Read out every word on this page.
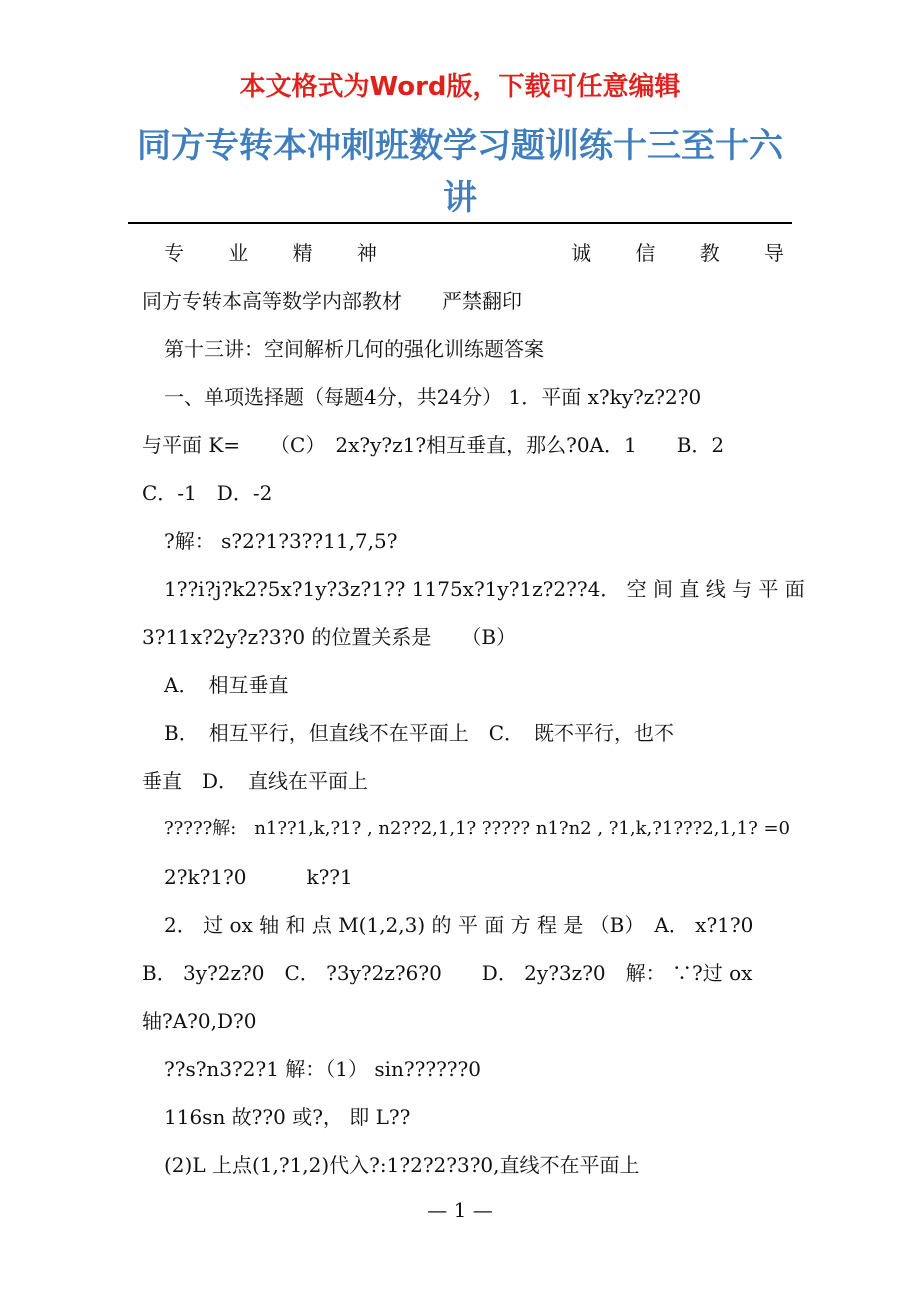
本文格式为Word版，下载可任意编辑
同方专转本冲刺班数学习题训练十三至十六讲
专 业 精 神	诚 信 教 导
同方专转本高等数学内部教材　　严禁翻印
第十三讲：空间解析几何的强化训练题答案
一、单项选择题（每题4分，共24分） 1．平面 x?ky?z?2?0
与平面 K=　　（C）　2x?y?z1?相互垂直，那么?0A．1　　B．2
C．-1　D．-2
?解： s?2?1?3??11,7,5?
1??i?j?k2?5x?1y?3z?1?? 1175x?1y?1z?2??4． 空 间 直 线 与 平 面
3?11x?2y?z?3?0 的位置关系是　　（B）
A．　相互垂直
B．　相互平行，但直线不在平面上　C．　既不平行，也不
垂直　D．　直线在平面上
?????解:　n1??1,k,?1? , n2??2,1,1? ????? n1?n2 , ?1,k,?1???2,1,1? =0
2?k?1?0　　　k??1
2． 过 ox 轴 和 点 M(1,2,3) 的 平 面 方 程 是 （B）　A． x?1?0
B． 3y?2z?0　C． ?3y?2z?6?0　　D． 2y?3z?0　解： ∵?过 ox
轴?A?0,D?0
??s?n3?2?1 解：（1） sin??????0
116sn 故??0 或?， 即 L??
(2)L 上点(1,?1,2)代入?:1?2?2?3?0,直线不在平面上
— 1 —
